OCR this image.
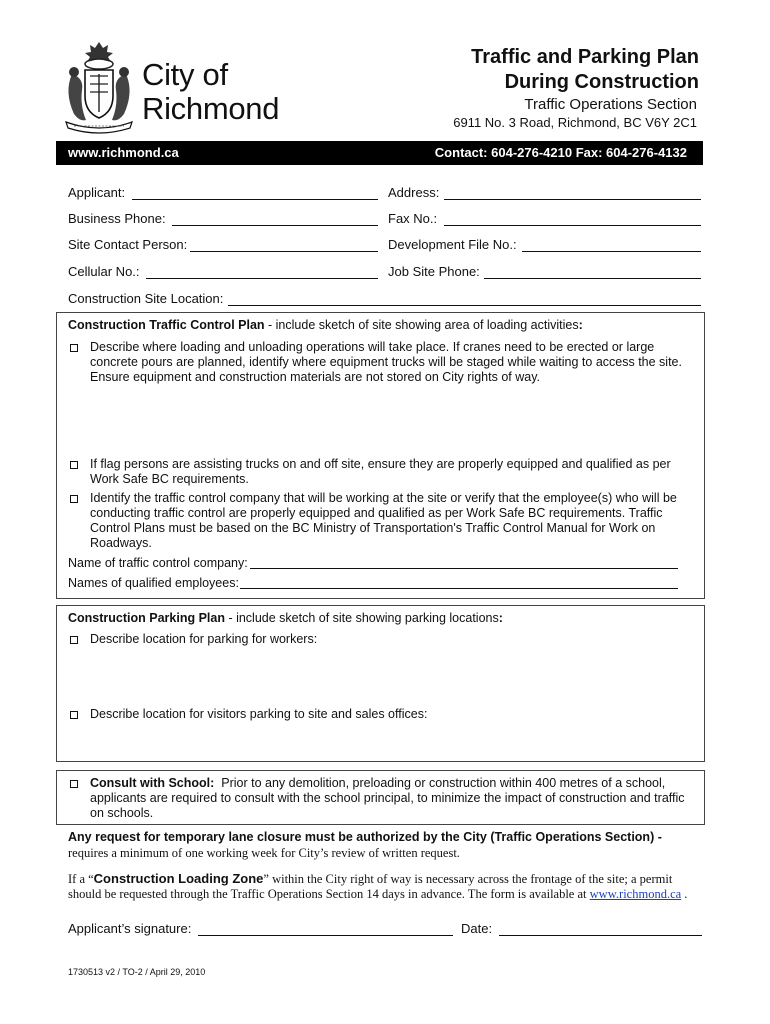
City of
Richmond
Traffic and Parking Plan
During Construction
Traffic Operations Section
6911 No. 3 Road, Richmond, BC V6Y 2C1
www.richmond.ca	Contact: 604-276-4210 Fax: 604-276-4132
Applicant:	Address:
Business Phone:	Fax No.:
Site Contact Person:	Development File No.:
Cellular No.:	Job Site Phone:
Construction Site Location:
Construction Traffic Control Plan - include sketch of site showing area of loading activities:
Describe where loading and unloading operations will take place. If cranes need to be erected or large
concrete pours are planned, identify where equipment trucks will be staged while waiting to access the site.
Ensure equipment and construction materials are not stored on City rights of way.
If flag persons are assisting trucks on and off site, ensure they are properly equipped and qualified as per
Work Safe BC requirements.
Identify the traffic control company that will be working at the site or verify that the employee(s) who will be
conducting traffic control are properly equipped and qualified as per Work Safe BC requirements. Traffic
Control Plans must be based on the BC Ministry of Transportation's Traffic Control Manual for Work on
Roadways.
Name of traffic control company:
Names of qualified employees:
Construction Parking Plan - include sketch of site showing parking locations:
Describe location for parking for workers:
Describe location for visitors parking to site and sales offices:
Consult with School:  Prior to any demolition, preloading or construction within 400 metres of a school,
applicants are required to consult with the school principal, to minimize the impact of construction and traffic
on schools.
Any request for temporary lane closure must be authorized by the City (Traffic Operations Section) -
requires a minimum of one working week for City’s review of written request.
If a “Construction Loading Zone” within the City right of way is necessary across the frontage of the site; a permit
should be requested through the Traffic Operations Section 14 days in advance. The form is available at www.richmond.ca .
Applicant’s signature:	Date:
1730513 v2 / TO-2 / April 29, 2010
